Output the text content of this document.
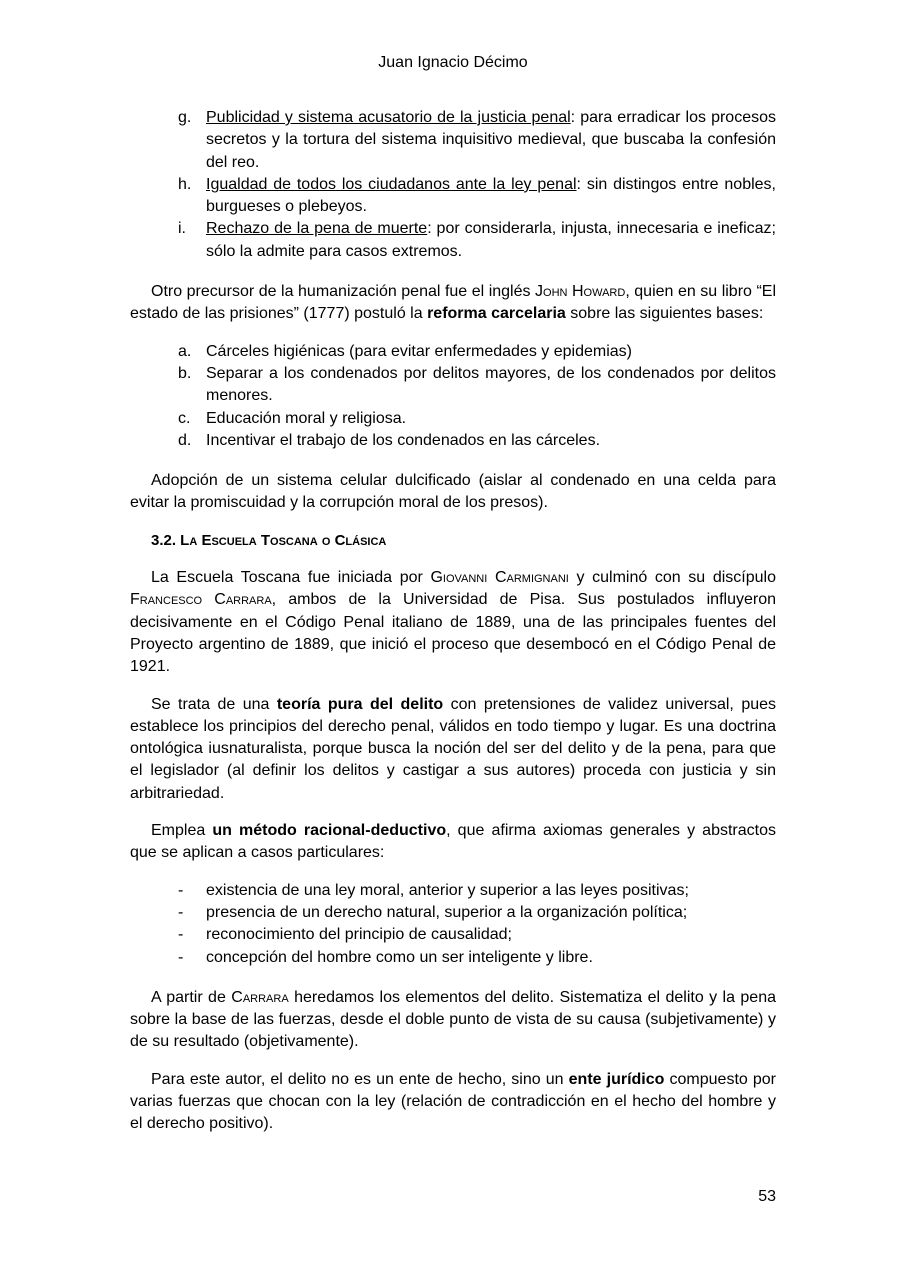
Juan Ignacio Décimo
g. Publicidad y sistema acusatorio de la justicia penal: para erradicar los procesos secretos y la tortura del sistema inquisitivo medieval, que buscaba la confesión del reo.
h. Igualdad de todos los ciudadanos ante la ley penal: sin distingos entre nobles, burgueses o plebeyos.
i. Rechazo de la pena de muerte: por considerarla, injusta, innecesaria e ineficaz; sólo la admite para casos extremos.

Otro precursor de la humanización penal fue el inglés John Howard, quien en su libro “El estado de las prisiones” (1777) postuló la reforma carcelaria sobre las siguientes bases:

a. Cárceles higiénicas (para evitar enfermedades y epidemias)
b. Separar a los condenados por delitos mayores, de los condenados por delitos menores.
c. Educación moral y religiosa.
d. Incentivar el trabajo de los condenados en las cárceles.

Adopción de un sistema celular dulcificado (aislar al condenado en una celda para evitar la promiscuidad y la corrupción moral de los presos).

3.2. La Escuela Toscana o Clásica

La Escuela Toscana fue iniciada por Giovanni Carmignani y culminó con su discípulo Francesco Carrara, ambos de la Universidad de Pisa. Sus postulados influyeron decisivamente en el Código Penal italiano de 1889, una de las principales fuentes del Proyecto argentino de 1889, que inició el proceso que desembocó en el Código Penal de 1921.

Se trata de una teoría pura del delito con pretensiones de validez universal, pues establece los principios del derecho penal, válidos en todo tiempo y lugar. Es una doctrina ontológica iusnaturalista, porque busca la noción del ser del delito y de la pena, para que el legislador (al definir los delitos y castigar a sus autores) proceda con justicia y sin arbitrariedad.

Emplea un método racional-deductivo, que afirma axiomas generales y abstractos que se aplican a casos particulares:

- existencia de una ley moral, anterior y superior a las leyes positivas;
- presencia de un derecho natural, superior a la organización política;
- reconocimiento del principio de causalidad;
- concepción del hombre como un ser inteligente y libre.

A partir de Carrara heredamos los elementos del delito. Sistematiza el delito y la pena sobre la base de las fuerzas, desde el doble punto de vista de su causa (subjetivamente) y de su resultado (objetivamente).

Para este autor, el delito no es un ente de hecho, sino un ente jurídico compuesto por varias fuerzas que chocan con la ley (relación de contradicción en el hecho del hombre y el derecho positivo).

53
